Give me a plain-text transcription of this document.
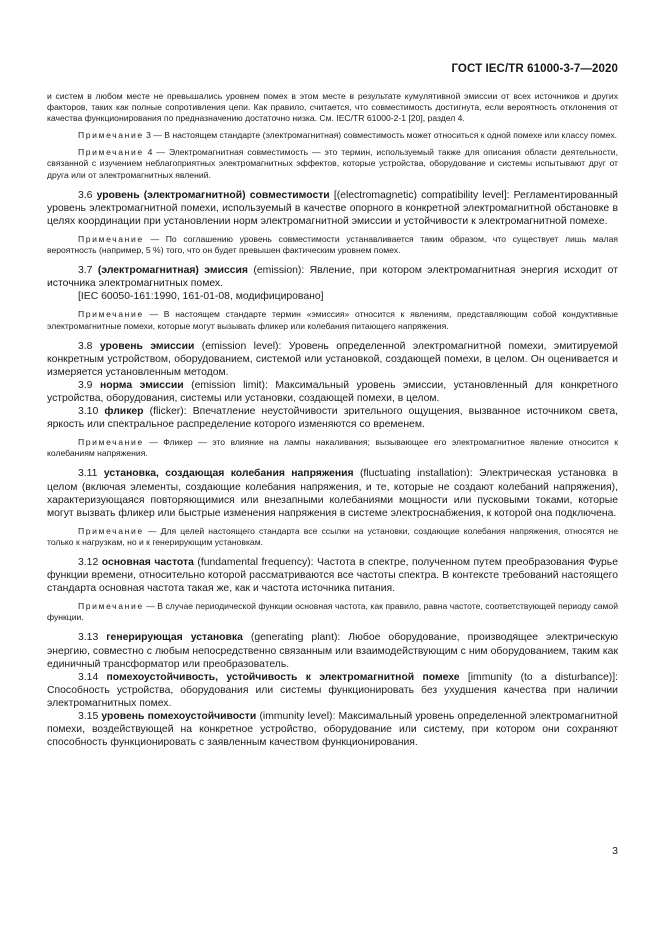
ГОСТ IEC/TR 61000-3-7—2020

и систем в любом месте не превышались уровнем помех в этом месте в результате кумулятивной эмиссии от всех источников и других факторов, таких как полные сопротивления цепи. Как правило, считается, что совместимость достигнута, если вероятность отклонения от качества функционирования по предназначению достаточно низка. См. IEC/TR 61000-2-1 [20], раздел 4.

Примечание 3 — В настоящем стандарте (электромагнитная) совместимость может относиться к одной помехе или классу помех.

Примечание 4 — Электромагнитная совместимость — это термин, используемый также для описания области деятельности, связанной с изучением неблагоприятных электромагнитных эффектов, которые устройства, оборудование и системы испытывают друг от друга или от электромагнитных явлений.

3.6 уровень (электромагнитной) совместимости [(electromagnetic) compatibility level]: Регламентированный уровень электромагнитной помехи, используемый в качестве опорного в конкретной электромагнитной обстановке в целях координации при установлении норм электромагнитной эмиссии и устойчивости к электромагнитной помехе.

Примечание — По соглашению уровень совместимости устанавливается таким образом, что существует лишь малая вероятность (например, 5 %) того, что он будет превышен фактическим уровнем помех.

3.7 (электромагнитная) эмиссия (emission): Явление, при котором электромагнитная энергия исходит от источника электромагнитных помех.

[IEC 60050-161:1990, 161-01-08, модифицировано]

Примечание — В настоящем стандарте термин «эмиссия» относится к явлениям, представляющим собой кондуктивные электромагнитные помехи, которые могут вызывать фликер или колебания питающего напряжения.

3.8 уровень эмиссии (emission level): Уровень определенной электромагнитной помехи, эмитируемой конкретным устройством, оборудованием, системой или установкой, создающей помехи, в целом. Он оценивается и измеряется установленным методом.

3.9 норма эмиссии (emission limit): Максимальный уровень эмиссии, установленный для конкретного устройства, оборудования, системы или установки, создающей помехи, в целом.

3.10 фликер (flicker): Впечатление неустойчивости зрительного ощущения, вызванное источником света, яркость или спектральное распределение которого изменяются со временем.

Примечание — Фликер — это влияние на лампы накаливания; вызывающее его электромагнитное явление относится к колебаниям напряжения.

3.11 установка, создающая колебания напряжения (fluctuating installation): Электрическая установка в целом (включая элементы, создающие колебания напряжения, и те, которые не создают колебаний напряжения), характеризующаяся повторяющимися или внезапными колебаниями мощности или пусковыми токами, которые могут вызвать фликер или быстрые изменения напряжения в системе электроснабжения, к которой она подключена.

Примечание — Для целей настоящего стандарта все ссылки на установки, создающие колебания напряжения, относятся не только к нагрузкам, но и к генерирующим установкам.

3.12 основная частота (fundamental frequency): Частота в спектре, полученном путем преобразования Фурье функции времени, относительно которой рассматриваются все частоты спектра. В контексте требований настоящего стандарта основная частота такая же, как и частота источника питания.

Примечание — В случае периодической функции основная частота, как правило, равна частоте, соответствующей периоду самой функции.

3.13 генерирующая установка (generating plant): Любое оборудование, производящее электрическую энергию, совместно с любым непосредственно связанным или взаимодействующим с ним оборудованием, таким как единичный трансформатор или преобразователь.

3.14 помехоустойчивость, устойчивость к электромагнитной помехе [immunity (to a disturbance)]: Способность устройства, оборудования или системы функционировать без ухудшения качества при наличии электромагнитных помех.

3.15 уровень помехоустойчивости (immunity level): Максимальный уровень определенной электромагнитной помехи, воздействующей на конкретное устройство, оборудование или систему, при котором они сохраняют способность функционировать с заявленным качеством функционирования.

3
